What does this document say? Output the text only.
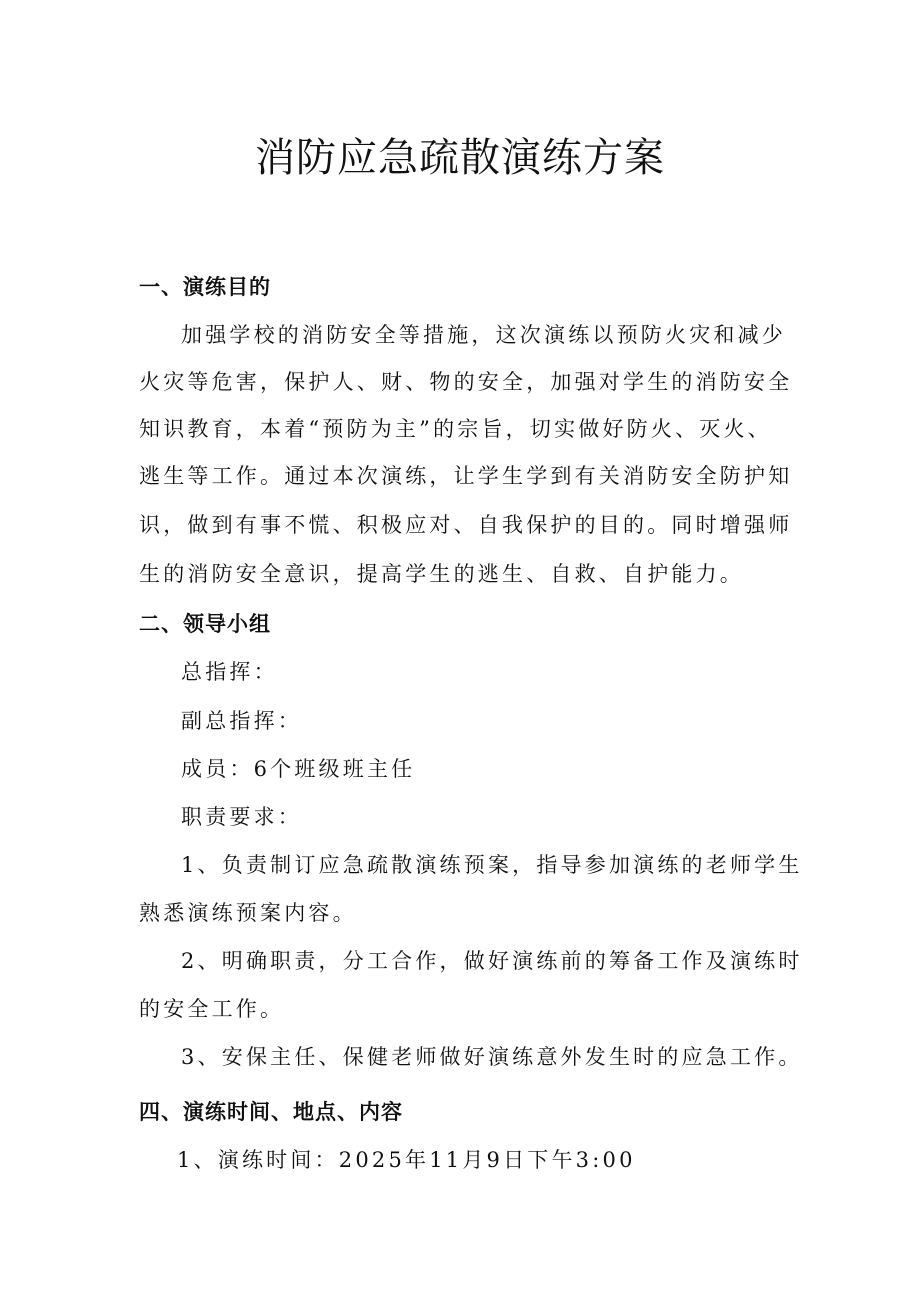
消防应急疏散演练方案
一、演练目的
加强学校的消防安全等措施，这次演练以预防火灾和减少
火灾等危害，保护人、财、物的安全，加强对学生的消防安全
知识教育，本着“预防为主”的宗旨，切实做好防火、灭火、
逃生等工作。通过本次演练，让学生学到有关消防安全防护知
识，做到有事不慌、积极应对、自我保护的目的。同时增强师
生的消防安全意识，提高学生的逃生、自救、自护能力。
二、领导小组
总指挥：
副总指挥：
成员：6个班级班主任
职责要求：
1、负责制订应急疏散演练预案，指导参加演练的老师学生
熟悉演练预案内容。
2、明确职责，分工合作，做好演练前的筹备工作及演练时
的安全工作。
3、安保主任、保健老师做好演练意外发生时的应急工作。
四、演练时间、地点、内容
1、演练时间：2025年11月9日下午3:00
